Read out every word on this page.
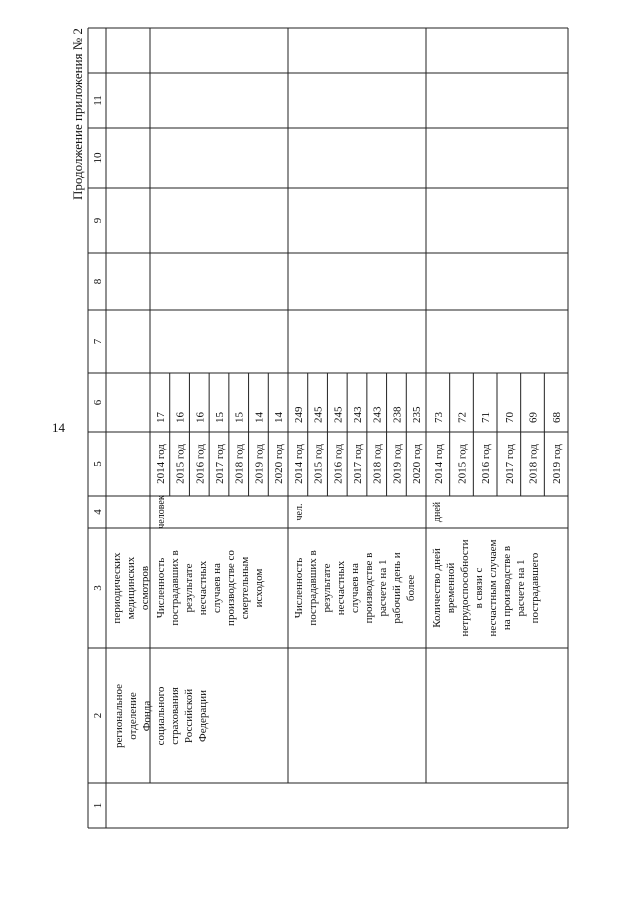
14
Продолжение приложения № 2
1
2
3
4
5
6
7
8
9
10
11
региональное отделение Фонда социального страхования Российской Федерации
периодических медицинских осмотров Численность пострадавших в результате несчастных случаев на производстве со смертельным исходом
человек
2014 год 2015 год 2016 год 2017 год 2018 год 2019 год 2020 год
17 16 16 15 15 14 14
Численность пострадавших в результате несчастных случаев на производстве в расчете на 1 рабочий день и более
чел.
2014 год 2015 год 2016 год 2017 год 2018 год 2019 год 2020 год
249 245 245 243 243 238 235
Количество дней временной нетрудоспособности в связи с несчастным случаем на производстве в расчете на 1 пострадавшего
дней
2014 год 2015 год 2016 год 2017 год 2018 год 2019 год
73 72 71 70 69 68
